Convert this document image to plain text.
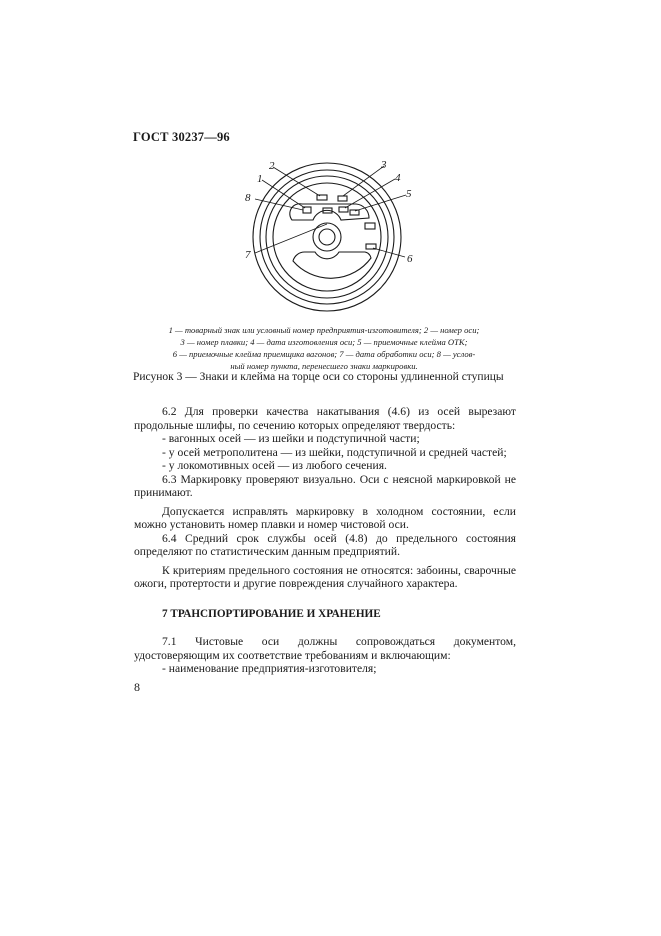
ГОСТ 30237—96
1
2	3
4
5
6
7
8

1 — товарный знак или условный номер предприятия-изготовителя; 2 — номер оси;

3 — номер плавки; 4 — дата изготовления оси; 5 — приемочные клейма ОТК;

6 — приемочные клейма приемщика вагонов; 7 — дата обработки оси; 8 — услов-

ный номер пункта, перенесшего знаки маркировки.

Рисунок 3 — Знаки и клейма на торце оси со стороны удлиненной ступицы

6.2 Для проверки качества накатывания (4.6) из осей вырезают продольные шлифы, по сечению которых определяют твердость:

- вагонных осей — из шейки и подступичной части;

- у осей метрополитена — из шейки, подступичной и средней частей;

- у локомотивных осей — из любого сечения.

6.3 Маркировку проверяют визуально. Оси с неясной маркировкой не принимают.

Допускается исправлять маркировку в холодном состоянии, если можно установить номер плавки и номер чистовой оси.

6.4 Средний срок службы осей (4.8) до предельного состояния определяют по статистическим данным предприятий.

К критериям предельного состояния не относятся: забоины, сварочные ожоги, протертости и другие повреждения случайного характера.

7 ТРАНСПОРТИРОВАНИЕ И ХРАНЕНИЕ

7.1 Чистовые оси должны сопровождаться документом, удостоверяющим их соответствие требованиям и включающим:

- наименование предприятия-изготовителя;

8
